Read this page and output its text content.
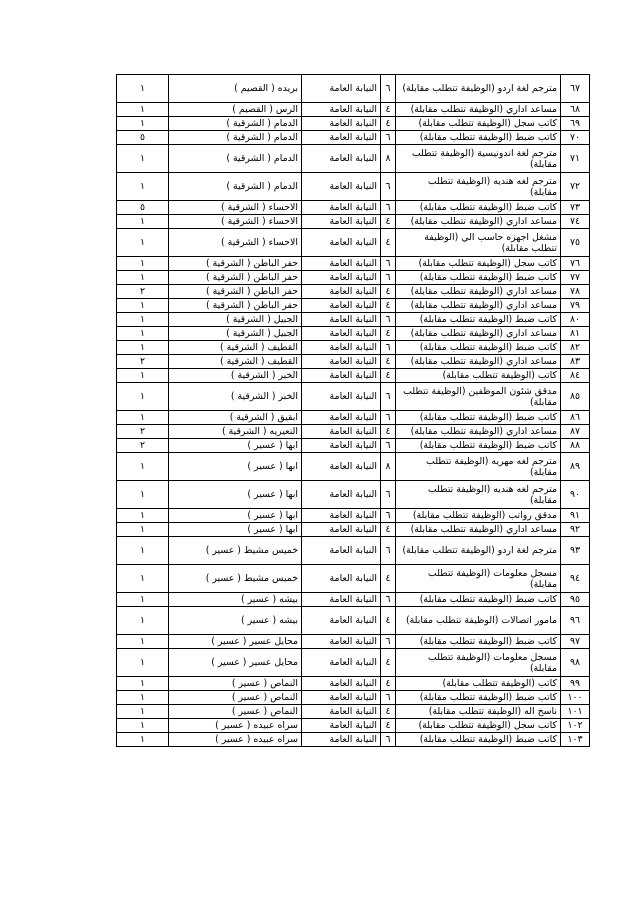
٦٧	مترجم لغة اردو (الوظيفة تتطلب مقابلة)	٦	النيابة العامة	بريده ( القصيم )	١
٦٨	مساعد اداري (الوظيفة تتطلب مقابلة)	٤	النيابة العامة	الرس ( القصيم )	١
٦٩	كاتب سجل (الوظيفة تتطلب مقابلة)	٤	النيابة العامة	الدمام ( الشرقية )	١
٧٠	كاتب ضبط (الوظيفة تتطلب مقابلة)	٦	النيابة العامة	الدمام ( الشرقية )	٥
٧١	مترجم لغة اندونيسية (الوظيفة تتطلب مقابلة)	٨	النيابة العامة	الدمام ( الشرقية )	١
٧٢	مترجم لغه هنديه (الوظيفة تتطلب مقابلة)	٦	النيابة العامة	الدمام ( الشرقية )	١
٧٣	كاتب ضبط (الوظيفة تتطلب مقابلة)	٦	النيابة العامة	الاحساء ( الشرقية )	٥
٧٤	مساعد اداري (الوظيفة تتطلب مقابلة)	٤	النيابة العامة	الاحساء ( الشرقية )	١
٧٥	مشغل اجهزه حاسب الي (الوظيفة تتطلب مقابلة)	٤	النيابة العامة	الاحساء ( الشرقية )	١
٧٦	كاتب سجل (الوظيفة تتطلب مقابلة)	٦	النيابة العامة	حفر الباطن ( الشرقية )	١
٧٧	كاتب ضبط (الوظيفة تتطلب مقابلة)	٦	النيابة العامة	حفر الباطن ( الشرقية )	١
٧٨	مساعد اداري (الوظيفة تتطلب مقابلة)	٤	النيابة العامة	حفر الباطن ( الشرقية )	٢
٧٩	مساعد اداري (الوظيفة تتطلب مقابلة)	٤	النيابة العامة	حفر الباطن ( الشرقية )	١
٨٠	كاتب ضبط (الوظيفة تتطلب مقابلة)	٦	النيابة العامة	الجبيل ( الشرقية )	١
٨١	مساعد اداري (الوظيفة تتطلب مقابلة)	٤	النيابة العامة	الجبيل ( الشرقية )	١
٨٢	كاتب ضبط (الوظيفة تتطلب مقابلة)	٦	النيابة العامة	القطيف ( الشرقية )	١
٨٣	مساعد اداري (الوظيفة تتطلب مقابلة)	٤	النيابة العامة	القطيف ( الشرقية )	٢
٨٤	كاتب (الوظيفة تتطلب مقابلة)	٤	النيابة العامة	الخبر ( الشرقية )	١
٨٥	مدقق شئون الموظفين (الوظيفة تتطلب مقابلة)	٦	النيابة العامة	الخبر ( الشرقية )	١
٨٦	كاتب ضبط (الوظيفة تتطلب مقابلة)	٦	النيابة العامة	ابقيق ( الشرقية )	١
٨٧	مساعد اداري (الوظيفة تتطلب مقابلة)	٤	النيابة العامة	النعيريه ( الشرقية )	٢
٨٨	كاتب ضبط (الوظيفة تتطلب مقابلة)	٦	النيابة العامة	ابها ( عسير )	٢
٨٩	مترجم لغه مهريه (الوظيفة تتطلب مقابلة)	٨	النيابة العامة	ابها ( عسير )	١
٩٠	مترجم لغه هنديه (الوظيفة تتطلب مقابلة)	٦	النيابة العامة	ابها ( عسير )	١
٩١	مدقق رواتب (الوظيفة تتطلب مقابلة)	٦	النيابة العامة	ابها ( عسير )	١
٩٢	مساعد اداري (الوظيفة تتطلب مقابلة)	٤	النيابة العامة	ابها ( عسير )	١
٩٣	مترجم لغة اردو (الوظيفة تتطلب مقابلة)	٦	النيابة العامة	خميس مشيط ( عسير )	١
٩٤	مسجل معلومات (الوظيفة تتطلب مقابلة)	٤	النيابة العامة	خميس مشيط ( عسير )	١
٩٥	كاتب ضبط (الوظيفة تتطلب مقابلة)	٦	النيابة العامة	بيشه ( عسير )	١
٩٦	مامور اتصالات (الوظيفة تتطلب مقابلة)	٤	النيابة العامة	بيشه ( عسير )	١
٩٧	كاتب ضبط (الوظيفة تتطلب مقابلة)	٦	النيابة العامة	محايل عسير ( عسير )	١
٩٨	مسجل معلومات (الوظيفة تتطلب مقابلة)	٤	النيابة العامة	محايل عسير ( عسير )	١
٩٩	كاتب (الوظيفة تتطلب مقابلة)	٤	النيابة العامة	النماص ( عسير )	١
١٠٠	كاتب ضبط (الوظيفة تتطلب مقابلة)	٦	النيابة العامة	النماص ( عسير )	١
١٠١	ناسخ اله (الوظيفة تتطلب مقابلة)	٤	النيابة العامة	النماص ( عسير )	١
١٠٢	كاتب سجل (الوظيفة تتطلب مقابلة)	٤	النيابة العامة	سراه عبيده ( عسير )	١
١٠٣	كاتب ضبط (الوظيفة تتطلب مقابلة)	٦	النيابة العامة	سراه عبيده ( عسير )	١
